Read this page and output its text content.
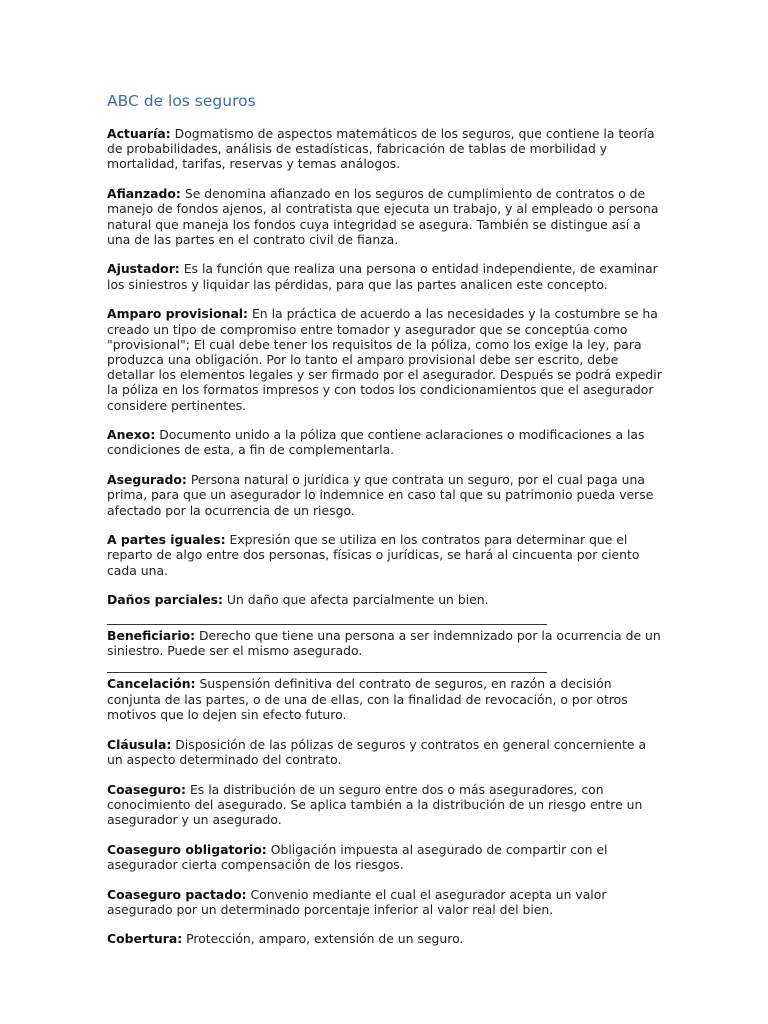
ABC de los seguros

Actuaría: Dogmatismo de aspectos matemáticos de los seguros, que contiene la teoría de probabilidades, análisis de estadísticas, fabricación de tablas de morbilidad y mortalidad, tarifas, reservas y temas análogos.

Afianzado: Se denomina afianzado en los seguros de cumplimiento de contratos o de manejo de fondos ajenos, al contratista que ejecuta un trabajo, y al empleado o persona natural que maneja los fondos cuya integridad se asegura. También se distingue así a una de las partes en el contrato civil de fianza.

Ajustador: Es la función que realiza una persona o entidad independiente, de examinar los siniestros y liquidar las pérdidas, para que las partes analicen este concepto.

Amparo provisional: En la práctica de acuerdo a las necesidades y la costumbre se ha creado un tipo de compromiso entre tomador y asegurador que se conceptúa como "provisional"; El cual debe tener los requisitos de la póliza, como los exige la ley, para produzca una obligación. Por lo tanto el amparo provisional debe ser escrito, debe detallar los elementos legales y ser firmado por el asegurador. Después se podrá expedir la póliza en los formatos impresos y con todos los condicionamientos que el asegurador considere pertinentes.

Anexo: Documento unido a la póliza que contiene aclaraciones o modificaciones a las condiciones de esta, a fin de complementarla.

Asegurado: Persona natural o jurídica y que contrata un seguro, por el cual paga una prima, para que un asegurador lo indemnice en caso tal que su patrimonio pueda verse afectado por la ocurrencia de un riesgo.

A partes iguales: Expresión que se utiliza en los contratos para determinar que el reparto de algo entre dos personas, físicas o jurídicas, se hará al cincuenta por ciento cada una.

Daños parciales: Un daño que afecta parcialmente un bien.

Beneficiario: Derecho que tiene una persona a ser indemnizado por la ocurrencia de un siniestro. Puede ser el mismo asegurado.

Cancelación: Suspensión definitiva del contrato de seguros, en razón a decisión conjunta de las partes, o de una de ellas, con la finalidad de revocación, o por otros motivos que lo dejen sin efecto futuro.

Cláusula: Disposición de las pólizas de seguros y contratos en general concerniente a un aspecto determinado del contrato.

Coaseguro: Es la distribución de un seguro entre dos o más aseguradores, con conocimiento del asegurado. Se aplica también a la distribución de un riesgo entre un asegurador y un asegurado.

Coaseguro obligatorio: Obligación impuesta al asegurado de compartir con el asegurador cierta compensación de los riesgos.

Coaseguro pactado: Convenio mediante el cual el asegurador acepta un valor asegurado por un determinado porcentaje inferior al valor real del bien.

Cobertura: Protección, amparo, extensión de un seguro.
